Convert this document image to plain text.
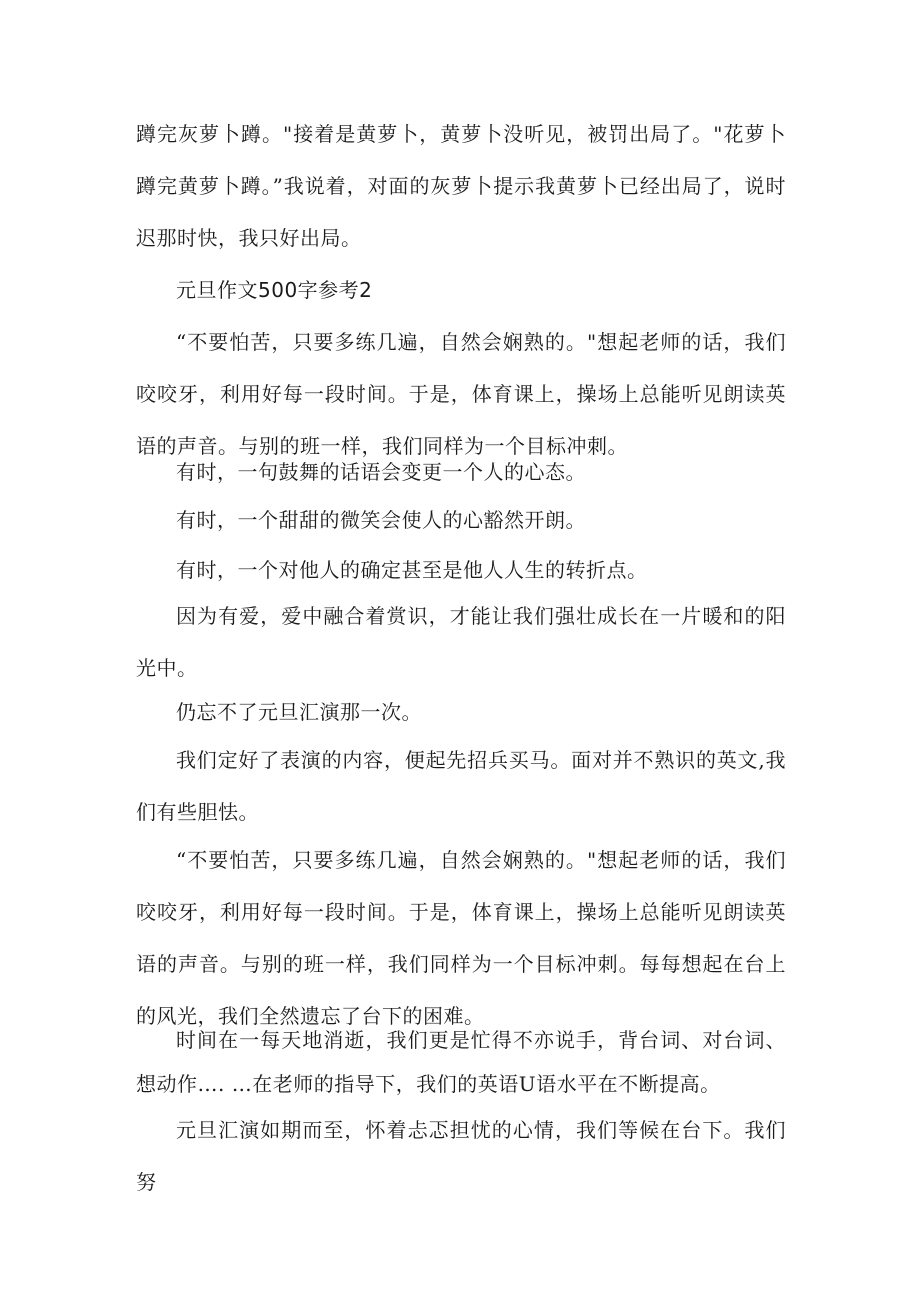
蹲完灰萝卜蹲。"接着是黄萝卜，黄萝卜没听见，被罚出局了。"花萝卜蹲完黄萝卜蹲。”我说着，对面的灰萝卜提示我黄萝卜已经出局了，说时迟那时快，我只好出局。

元旦作文500字参考2

“不要怕苦，只要多练几遍，自然会娴熟的。"想起老师的话，我们咬咬牙，利用好每一段时间。于是，体育课上，操场上总能听见朗读英语的声音。与别的班一样，我们同样为一个目标冲刺。

有时，一句鼓舞的话语会变更一个人的心态。

有时，一个甜甜的微笑会使人的心豁然开朗。

有时，一个对他人的确定甚至是他人人生的转折点。

因为有爱，爱中融合着赏识，才能让我们强壮成长在一片暖和的阳光中。

仍忘不了元旦汇演那一次。

我们定好了表演的内容，便起先招兵买马。面对并不熟识的英文,我们有些胆怯。

“不要怕苦，只要多练几遍，自然会娴熟的。"想起老师的话，我们咬咬牙，利用好每一段时间。于是，体育课上，操场上总能听见朗读英语的声音。与别的班一样，我们同样为一个目标冲刺。每每想起在台上的风光，我们全然遗忘了台下的困难。

时间在一每天地消逝，我们更是忙得不亦说手，背台词、对台词、想动作…. …在老师的指导下，我们的英语U语水平在不断提高。

元旦汇演如期而至，怀着忐忑担忧的心情，我们等候在台下。我们努
